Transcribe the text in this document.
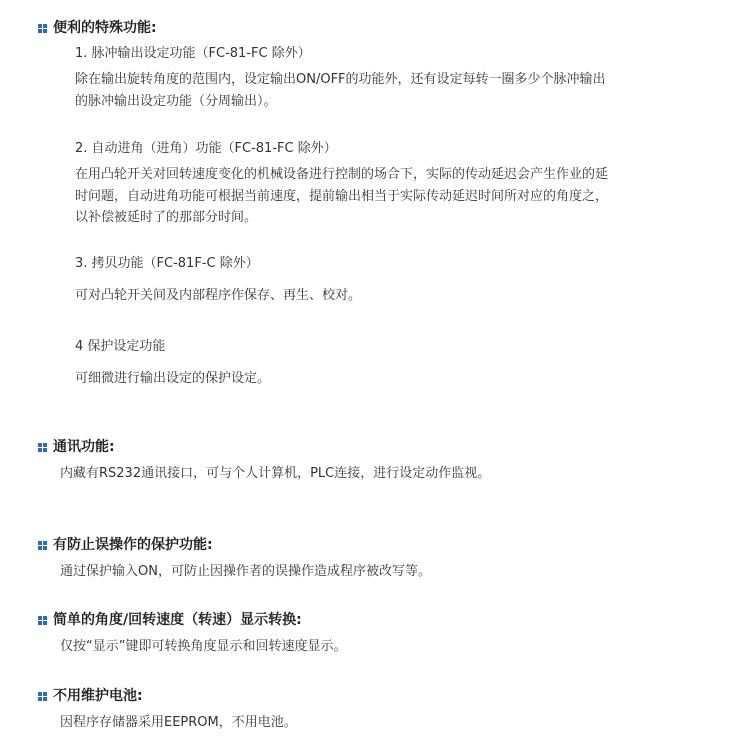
便利的特殊功能:
1. 脉冲输出设定功能（FC-81-FC 除外）
除在输出旋转角度的范围内，设定输出ON/OFF的功能外，还有设定每转一圈多少个脉冲输出
的脉冲输出设定功能（分周输出）。
2. 自动进角（进角）功能（FC-81-FC 除外）
在用凸轮开关对回转速度变化的机械设备进行控制的场合下，实际的传动延迟会产生作业的延
时问题，自动进角功能可根据当前速度，提前输出相当于实际传动延迟时间所对应的角度之，
以补偿被延时了的那部分时间。
3. 拷贝功能（FC-81F-C 除外）
可对凸轮开关间及内部程序作保存、再生、校对。
4 保护设定功能
可细微进行输出设定的保护设定。
通讯功能:
内藏有RS232通讯接口，可与个人计算机，PLC连接，进行设定动作监视。
有防止误操作的保护功能:
通过保护输入ON，可防止因操作者的误操作造成程序被改写等。
简单的角度/回转速度（转速）显示转换:
仅按“显示”键即可转换角度显示和回转速度显示。
不用维护电池:
因程序存储器采用EEPROM，不用电池。
